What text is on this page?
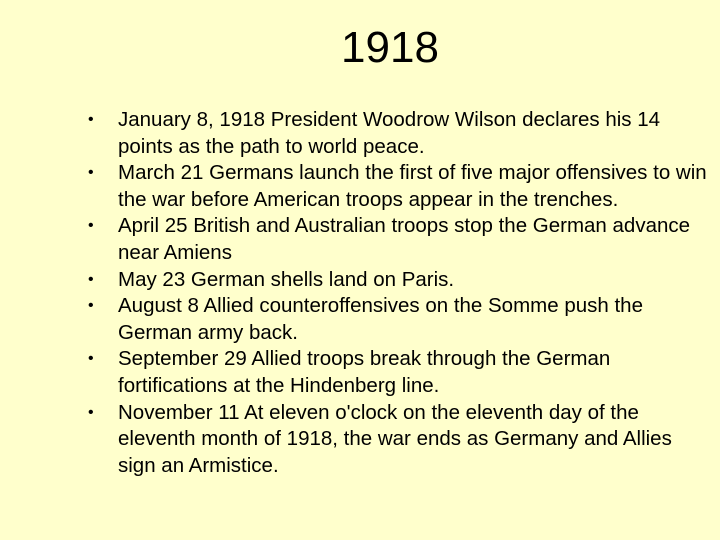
1918
•	January 8, 1918 President Woodrow Wilson declares his 14 points as the path to world peace.
•	March 21 Germans launch the first of five major offensives to win the war before American troops appear in the trenches.
•	April 25 British and Australian troops stop the German advance near Amiens
•	May 23 German shells land on Paris.
•	August 8 Allied counteroffensives on the Somme push the German army back.
•	September 29 Allied troops break through the German fortifications at the Hindenberg line.
•	November 11 At eleven o'clock on the eleventh day of the eleventh month of 1918, the war ends as Germany and Allies sign an Armistice.
